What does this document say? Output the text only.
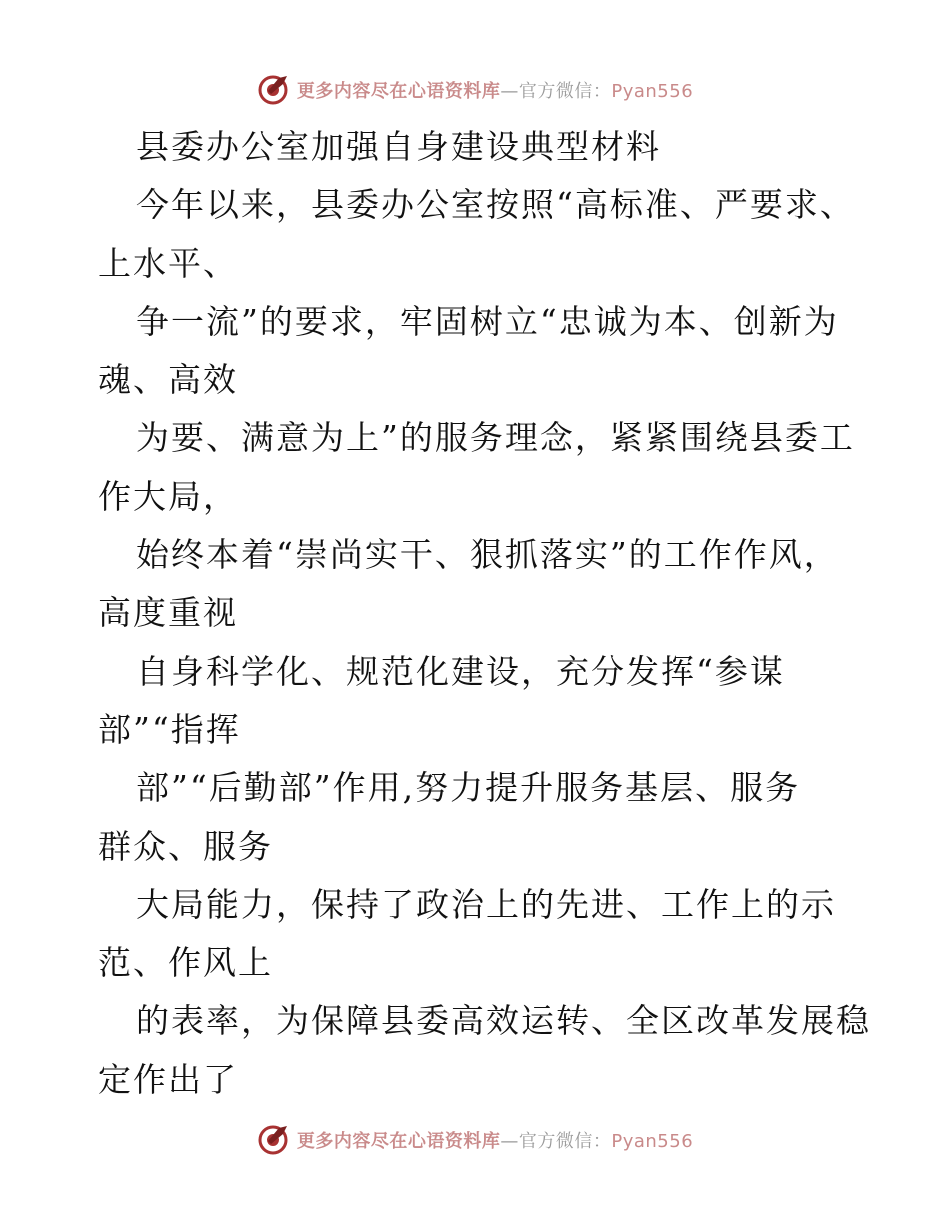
更多内容尽在心语资料库—官方微信：Pyan556
县委办公室加强自身建设典型材料
今年以来，县委办公室按照“高标准、严要求、
上水平、
争一流”的要求，牢固树立“忠诚为本、创新为
魂、高效
为要、满意为上”的服务理念，紧紧围绕县委工
作大局，
始终本着“崇尚实干、狠抓落实”的工作作风，
高度重视
自身科学化、规范化建设，充分发挥“参谋
部”“指挥
部”“后勤部”作用,努力提升服务基层、服务
群众、服务
大局能力，保持了政治上的先进、工作上的示
范、作风上
的表率，为保障县委高效运转、全区改革发展稳
定作出了
更多内容尽在心语资料库—官方微信：Pyan556
